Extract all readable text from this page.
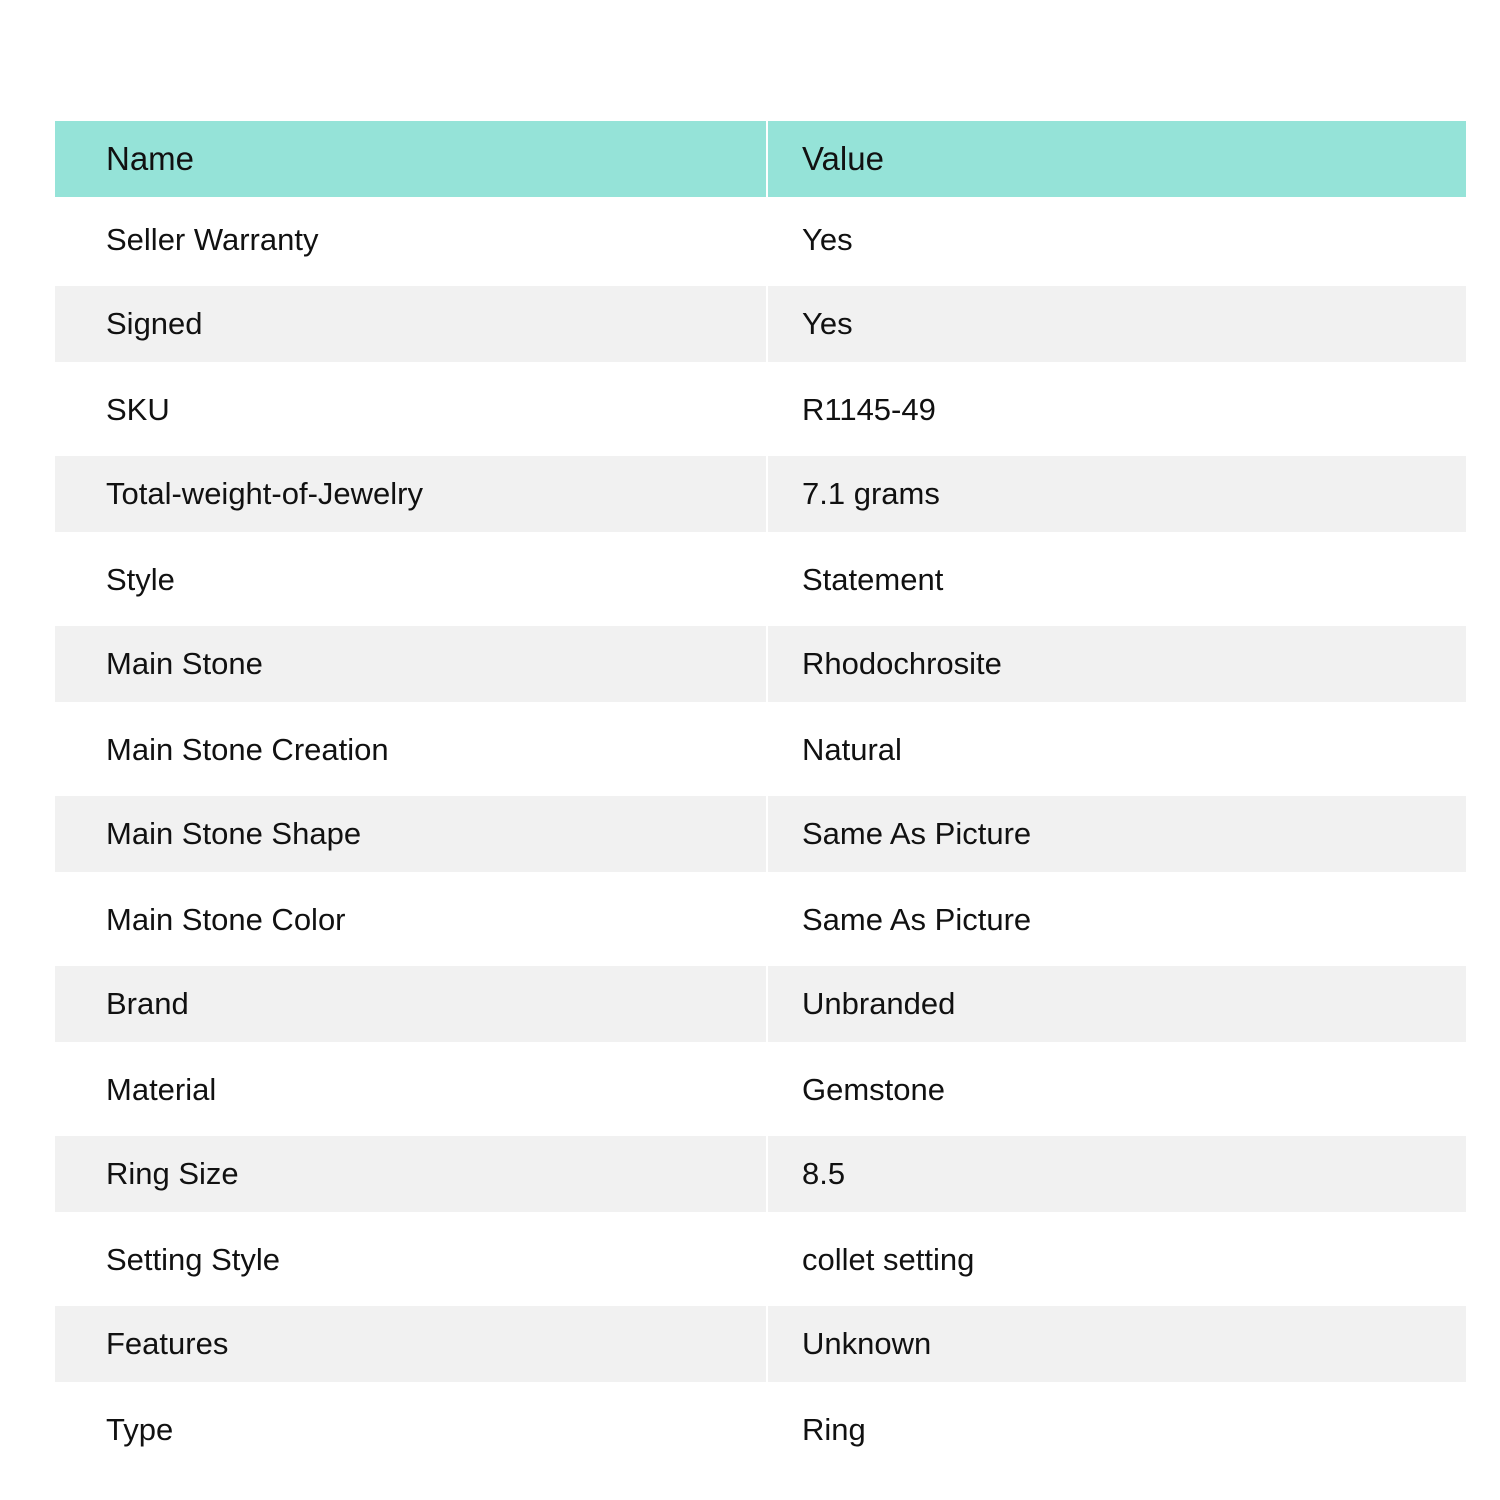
Name	Value
Seller Warranty	Yes
Signed	Yes
SKU	R1145-49
Total-weight-of-Jewelry	7.1 grams
Style	Statement
Main Stone	Rhodochrosite
Main Stone Creation	Natural
Main Stone Shape	Same As Picture
Main Stone Color	Same As Picture
Brand	Unbranded
Material	Gemstone
Ring Size	8.5
Setting Style	collet setting
Features	Unknown
Type	Ring
